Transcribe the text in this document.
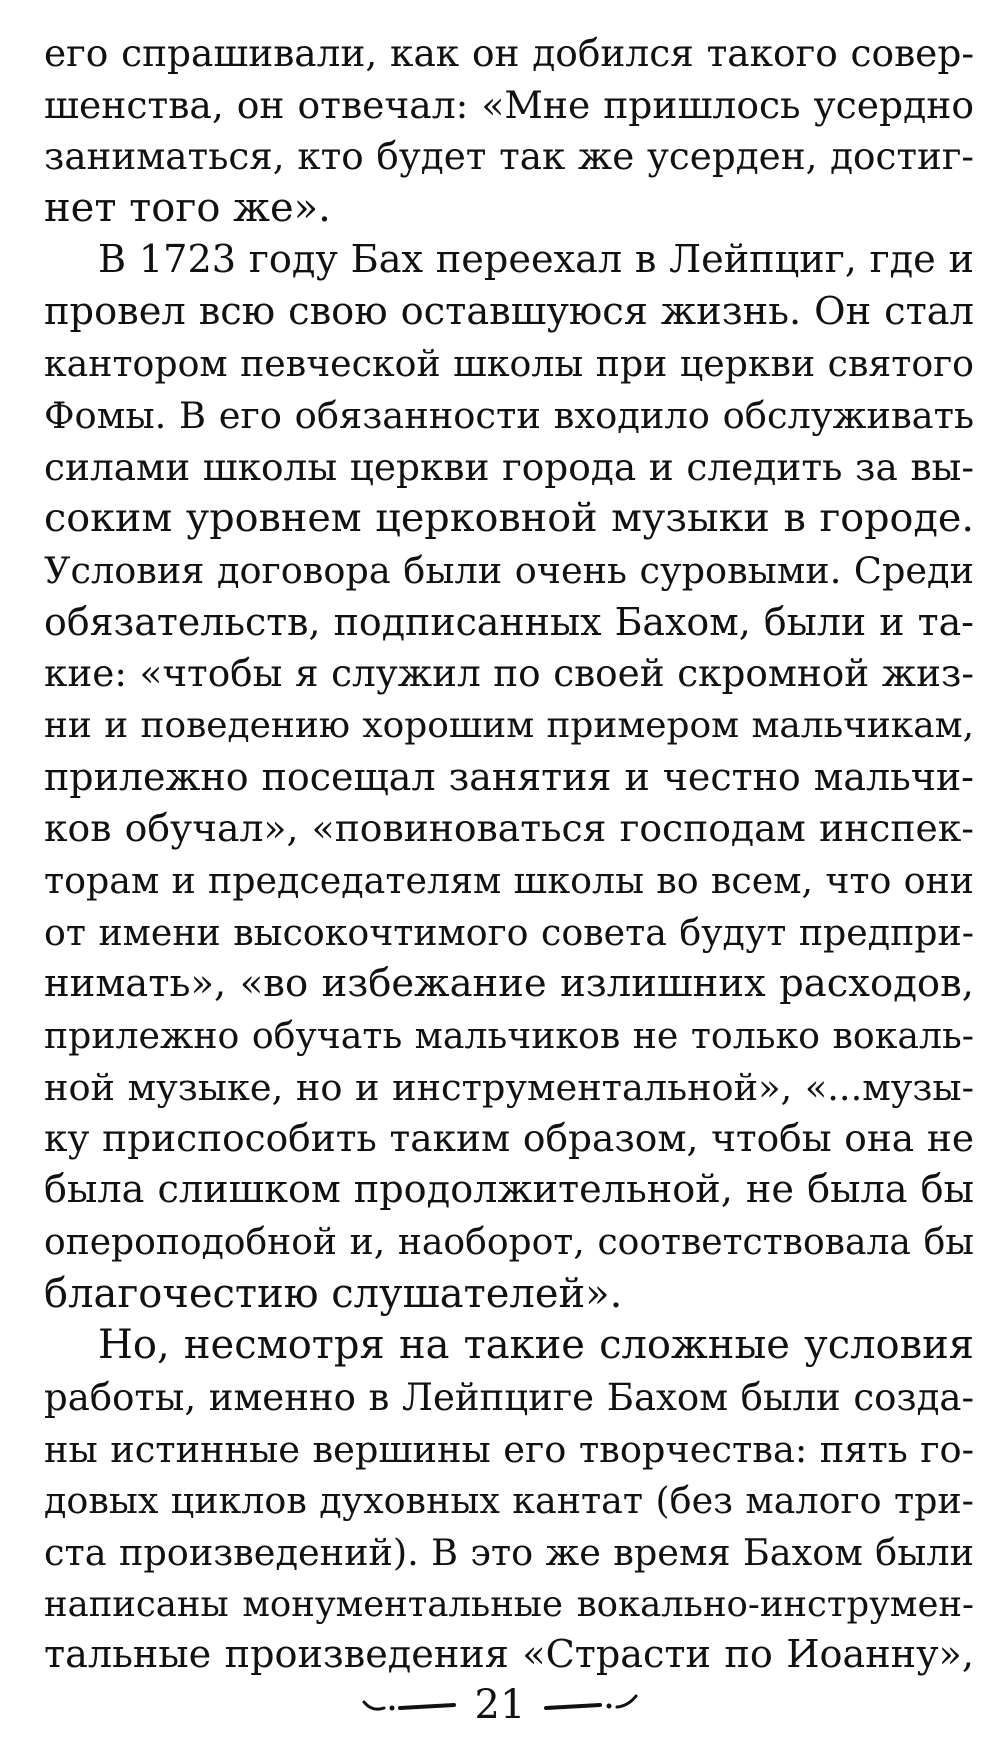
его спрашивали, как он добился такого совер-
шенства, он отвечал: «Мне пришлось усердно
заниматься, кто будет так же усерден, достиг-
нет того же».
В 1723 году Бах переехал в Лейпциг, где и
провел всю свою оставшуюся жизнь. Он стал
кантором певческой школы при церкви святого
Фомы. В его обязанности входило обслуживать
силами школы церкви города и следить за вы-
соким уровнем церковной музыки в городе.
Условия договора были очень суровыми. Среди
обязательств, подписанных Бахом, были и та-
кие: «чтобы я служил по своей скромной жиз-
ни и поведению хорошим примером мальчикам,
прилежно посещал занятия и честно мальчи-
ков обучал», «повиноваться господам инспек-
торам и председателям школы во всем, что они
от имени высокочтимого совета будут предпри-
нимать», «во избежание излишних расходов,
прилежно обучать мальчиков не только вокаль-
ной музыке, но и инструментальной», «...музы-
ку приспособить таким образом, чтобы она не
была слишком продолжительной, не была бы
оперoподобной и, наоборот, соответствовала бы
благочестию слушателей».
Но, несмотря на такие сложные условия
работы, именно в Лейпциге Бахом были созда-
ны истинные вершины его творчества: пять го-
довых циклов духовных кантат (без малого три-
ста произведений). В это же время Бахом были
написаны монументальные вокально-инструмен-
тальные произведения «Страсти по Иоанну»,
21
